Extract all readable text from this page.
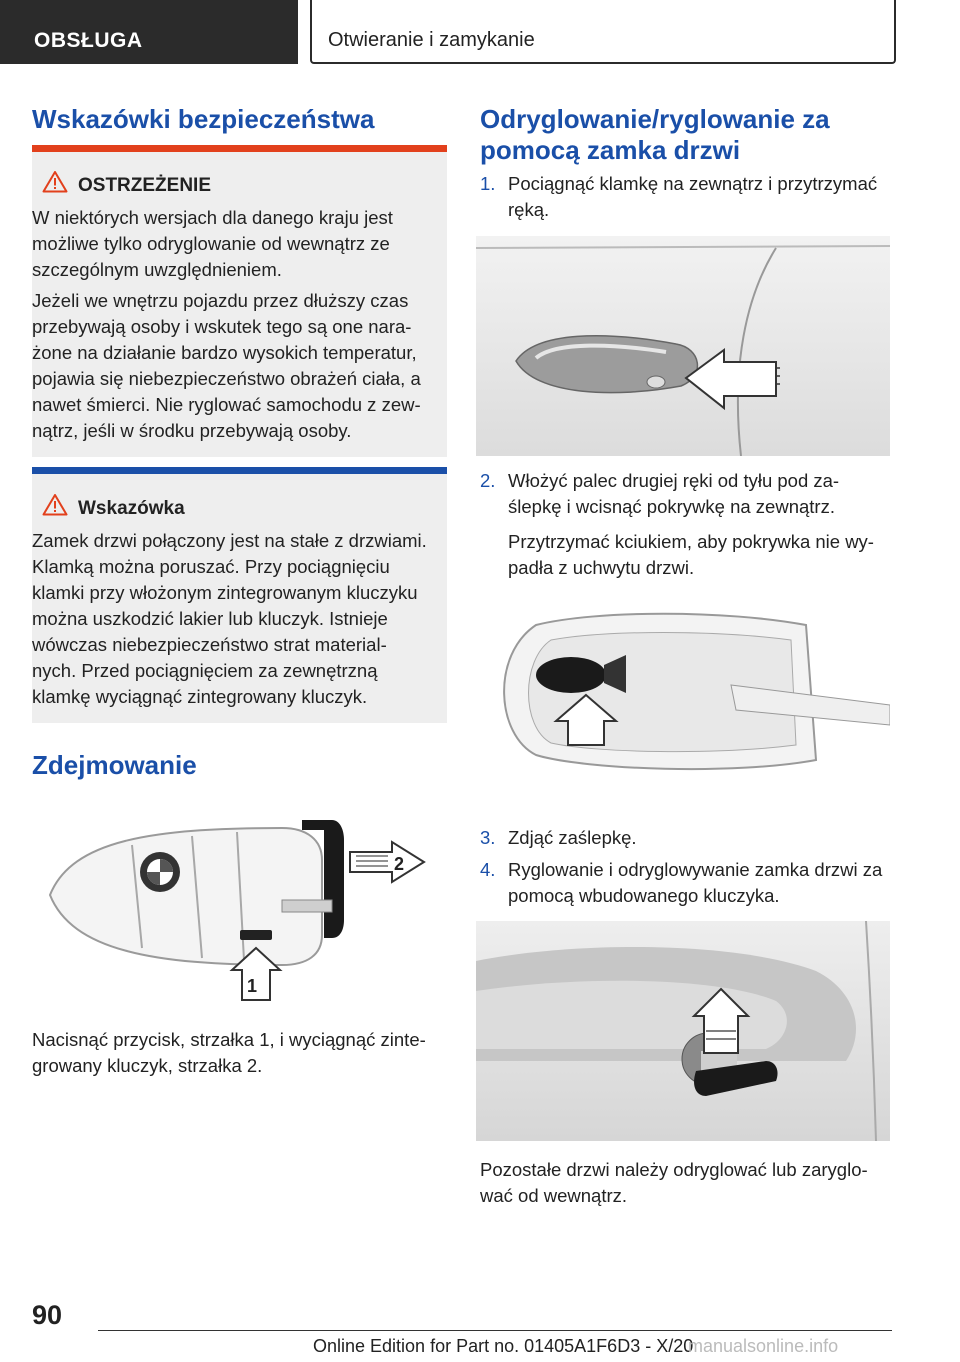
OBSŁUGA	Otwieranie i zamykanie
Wskazówki bezpieczeństwa
OSTRZEŻENIE
W niektórych wersjach dla danego kraju jest
możliwe tylko odryglowanie od wewnątrz ze
szczególnym uwzględnieniem.
Jeżeli we wnętrzu pojazdu przez dłuższy czas
przebywają osoby i wskutek tego są one nara‐
żone na działanie bardzo wysokich temperatur,
pojawia się niebezpieczeństwo obrażeń ciała, a
nawet śmierci. Nie ryglować samochodu z zew‐
nątrz, jeśli w środku przebywają osoby.
Wskazówka
Zamek drzwi połączony jest na stałe z drzwiami.
Klamką można poruszać. Przy pociągnięciu
klamki przy włożonym zintegrowanym kluczyku
można uszkodzić lakier lub kluczyk. Istnieje
wówczas niebezpieczeństwo strat material‐
nych. Przed pociągnięciem za zewnętrzną
klamkę wyciągnąć zintegrowany kluczyk.
Zdejmowanie
2
1
Nacisnąć przycisk, strzałka 1, i wyciągnąć zinte‐
growany kluczyk, strzałka 2.
Odryglowanie/ryglowanie za
pomocą zamka drzwi
1. Pociągnąć klamkę na zewnątrz i przytrzymać
ręką.
2. Włożyć palec drugiej ręki od tyłu pod za‐
ślepkę i wcisnąć pokrywkę na zewnątrz.
Przytrzymać kciukiem, aby pokrywka nie wy‐
padła z uchwytu drzwi.
3. Zdjąć zaślepkę.
4. Ryglowanie i odryglowywanie zamka drzwi za
pomocą wbudowanego kluczyka.
Pozostałe drzwi należy odryglować lub zaryglo‐
wać od wewnątrz.
90
Online Edition for Part no. 01405A1F6D3 - X/20
manualsonline.info
